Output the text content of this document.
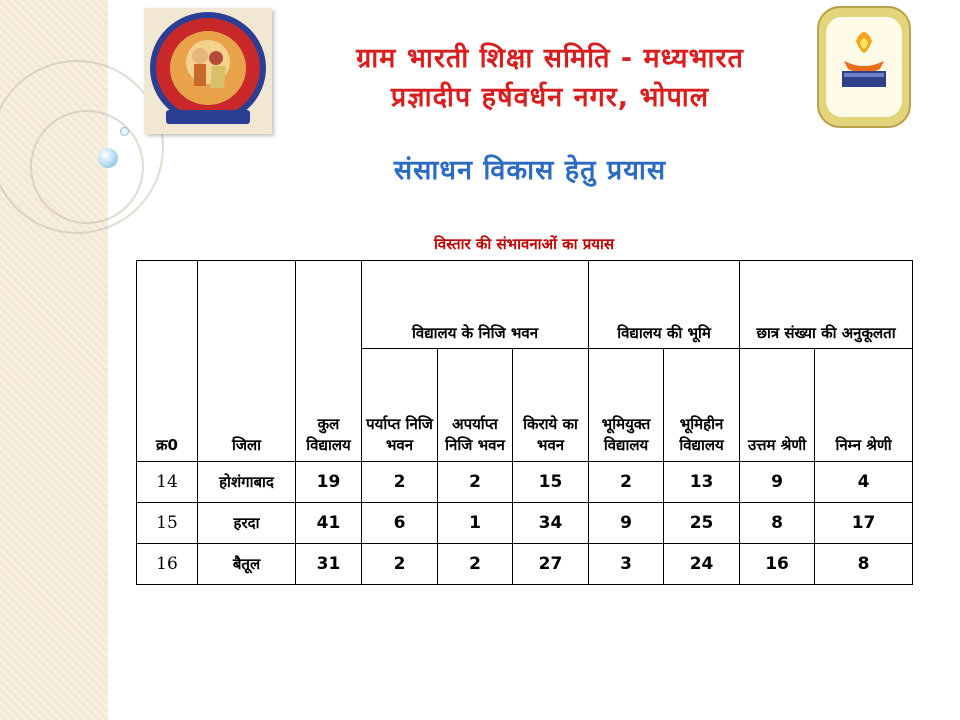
ग्राम भारती शिक्षा समिति - मध्यभारत
प्रज्ञादीप हर्षवर्धन नगर, भोपाल
संसाधन विकास हेतु प्रयास

विस्तार की संभावनाओं का प्रयास

क्र0	जिला	कुल विद्यालय	विद्यालय के निजि भवन			विद्यालय की भूमि		छात्र संख्या की अनुकूलता	
			पर्याप्त निजि भवन	अपर्याप्त निजि भवन	किराये का भवन	भूमियुक्त विद्यालय	भूमिहीन विद्यालय	उत्तम श्रेणी	निम्न श्रेणी
14	होशंगाबाद	19	2	2	15	2	13	9	4
15	हरदा	41	6	1	34	9	25	8	17
16	बैतूल	31	2	2	27	3	24	16	8
